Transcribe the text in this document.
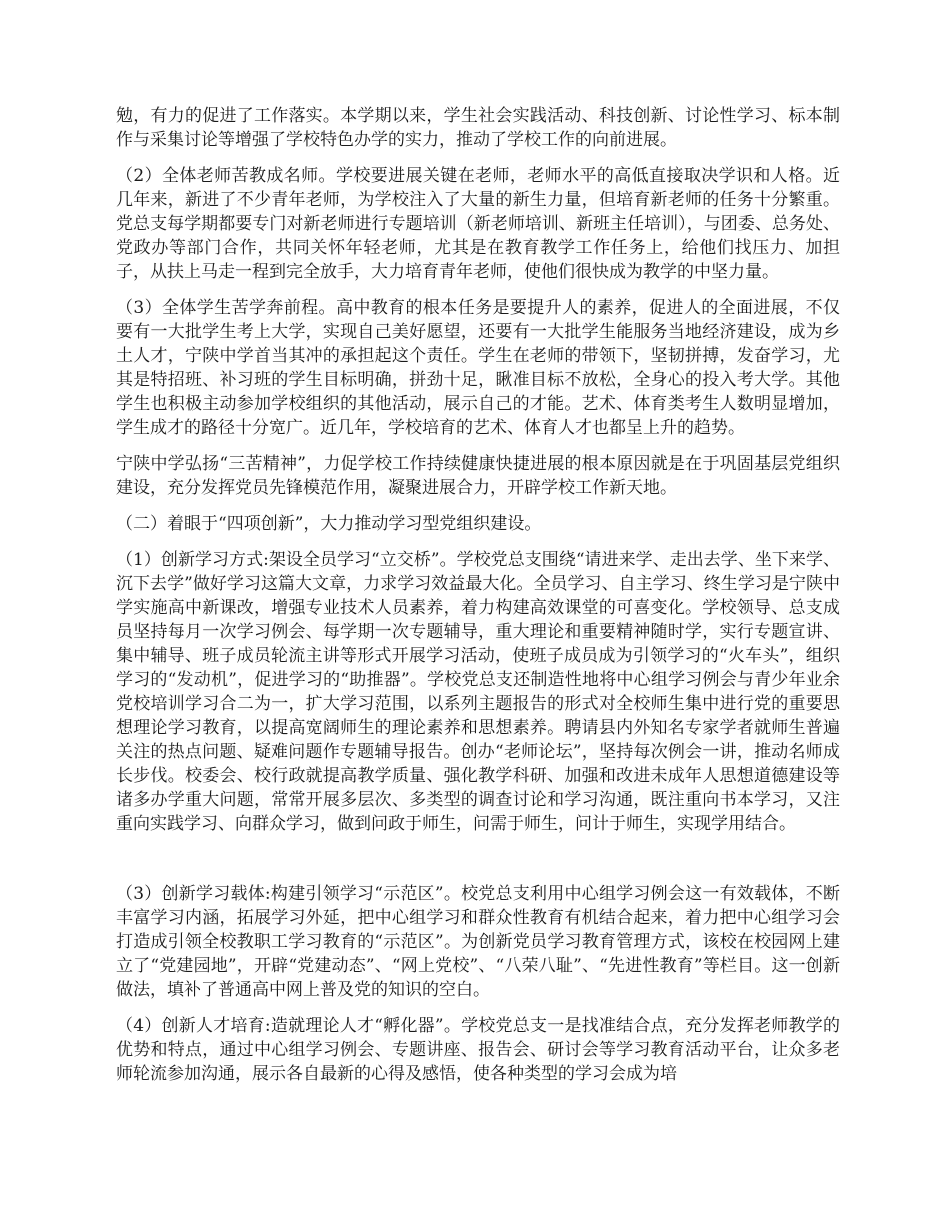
勉，有力的促进了工作落实。本学期以来，学生社会实践活动、科技创新、讨论性学习、标本制作与采集讨论等增强了学校特色办学的实力，推动了学校工作的向前进展。

（2）全体老师苦教成名师。学校要进展关键在老师，老师水平的高低直接取决学识和人格。近几年来，新进了不少青年老师，为学校注入了大量的新生力量，但培育新老师的任务十分繁重。党总支每学期都要专门对新老师进行专题培训（新老师培训、新班主任培训），与团委、总务处、党政办等部门合作，共同关怀年轻老师，尤其是在教育教学工作任务上，给他们找压力、加担子，从扶上马走一程到完全放手，大力培育青年老师，使他们很快成为教学的中坚力量。

（3）全体学生苦学奔前程。高中教育的根本任务是要提升人的素养，促进人的全面进展，不仅要有一大批学生考上大学，实现自己美好愿望，还要有一大批学生能服务当地经济建设，成为乡土人才，宁陕中学首当其冲的承担起这个责任。学生在老师的带领下，坚韧拼搏，发奋学习，尤其是特招班、补习班的学生目标明确，拼劲十足，瞅准目标不放松，全身心的投入考大学。其他学生也积极主动参加学校组织的其他活动，展示自己的才能。艺术、体育类考生人数明显增加，学生成才的路径十分宽广。近几年，学校培育的艺术、体育人才也都呈上升的趋势。

宁陕中学弘扬“三苦精神”，力促学校工作持续健康快捷进展的根本原因就是在于巩固基层党组织建设，充分发挥党员先锋模范作用，凝聚进展合力，开辟学校工作新天地。

（二）着眼于“四项创新”，大力推动学习型党组织建设。

（1）创新学习方式:架设全员学习“立交桥”。学校党总支围绕“请进来学、走出去学、坐下来学、沉下去学”做好学习这篇大文章，力求学习效益最大化。全员学习、自主学习、终生学习是宁陕中学实施高中新课改，增强专业技术人员素养，着力构建高效课堂的可喜变化。学校领导、总支成员坚持每月一次学习例会、每学期一次专题辅导，重大理论和重要精神随时学，实行专题宣讲、集中辅导、班子成员轮流主讲等形式开展学习活动，使班子成员成为引领学习的“火车头”，组织学习的“发动机”，促进学习的“助推器”。学校党总支还制造性地将中心组学习例会与青少年业余党校培训学习合二为一，扩大学习范围，以系列主题报告的形式对全校师生集中进行党的重要思想理论学习教育，以提高宽阔师生的理论素养和思想素养。聘请县内外知名专家学者就师生普遍关注的热点问题、疑难问题作专题辅导报告。创办“老师论坛”，坚持每次例会一讲，推动名师成长步伐。校委会、校行政就提高教学质量、强化教学科研、加强和改进未成年人思想道德建设等诸多办学重大问题，常常开展多层次、多类型的调查讨论和学习沟通，既注重向书本学习，又注重向实践学习、向群众学习，做到问政于师生，问需于师生，问计于师生，实现学用结合。

（3）创新学习载体:构建引领学习“示范区”。校党总支利用中心组学习例会这一有效载体，不断丰富学习内涵，拓展学习外延，把中心组学习和群众性教育有机结合起来，着力把中心组学习会打造成引领全校教职工学习教育的“示范区”。为创新党员学习教育管理方式，该校在校园网上建立了“党建园地”，开辟“党建动态”、“网上党校”、“八荣八耻”、“先进性教育”等栏目。这一创新做法，填补了普通高中网上普及党的知识的空白。

（4）创新人才培育:造就理论人才“孵化器”。学校党总支一是找准结合点，充分发挥老师教学的优势和特点，通过中心组学习例会、专题讲座、报告会、研讨会等学习教育活动平台，让众多老师轮流参加沟通，展示各自最新的心得及感悟，使各种类型的学习会成为培
